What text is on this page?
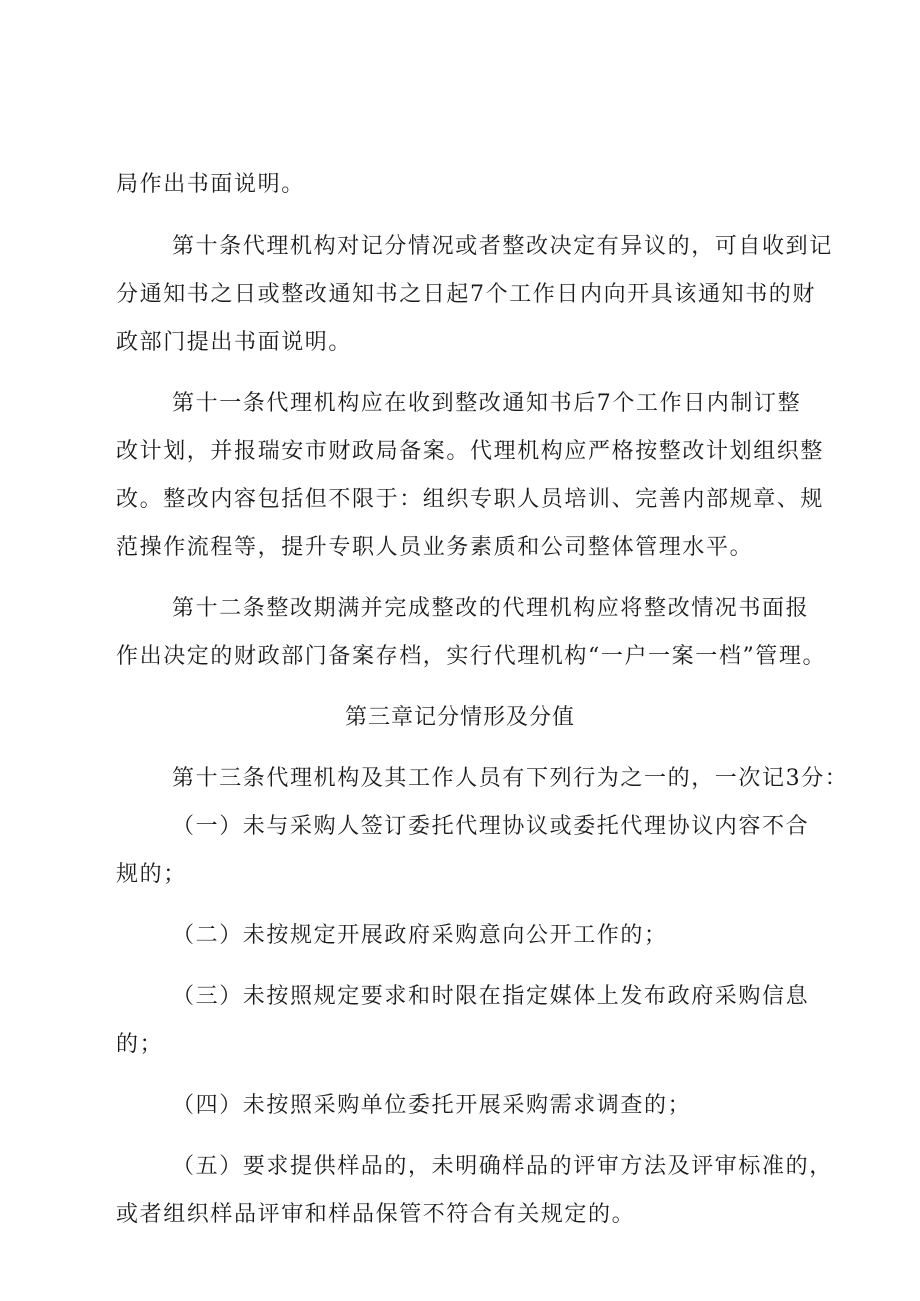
局作出书面说明。
第十条代理机构对记分情况或者整改决定有异议的，可自收到记
分通知书之日或整改通知书之日起7个工作日内向开具该通知书的财
政部门提出书面说明。
第十一条代理机构应在收到整改通知书后7个工作日内制订整
改计划，并报瑞安市财政局备案。代理机构应严格按整改计划组织整
改。整改内容包括但不限于：组织专职人员培训、完善内部规章、规
范操作流程等，提升专职人员业务素质和公司整体管理水平。
第十二条整改期满并完成整改的代理机构应将整改情况书面报
作出决定的财政部门备案存档，实行代理机构“一户一案一档”管理。
第三章记分情形及分值
第十三条代理机构及其工作人员有下列行为之一的，一次记3分：
（一）未与采购人签订委托代理协议或委托代理协议内容不合
规的；
（二）未按规定开展政府采购意向公开工作的；
（三）未按照规定要求和时限在指定媒体上发布政府采购信息
的；
（四）未按照采购单位委托开展采购需求调查的；
（五）要求提供样品的，未明确样品的评审方法及评审标准的，
或者组织样品评审和样品保管不符合有关规定的。
